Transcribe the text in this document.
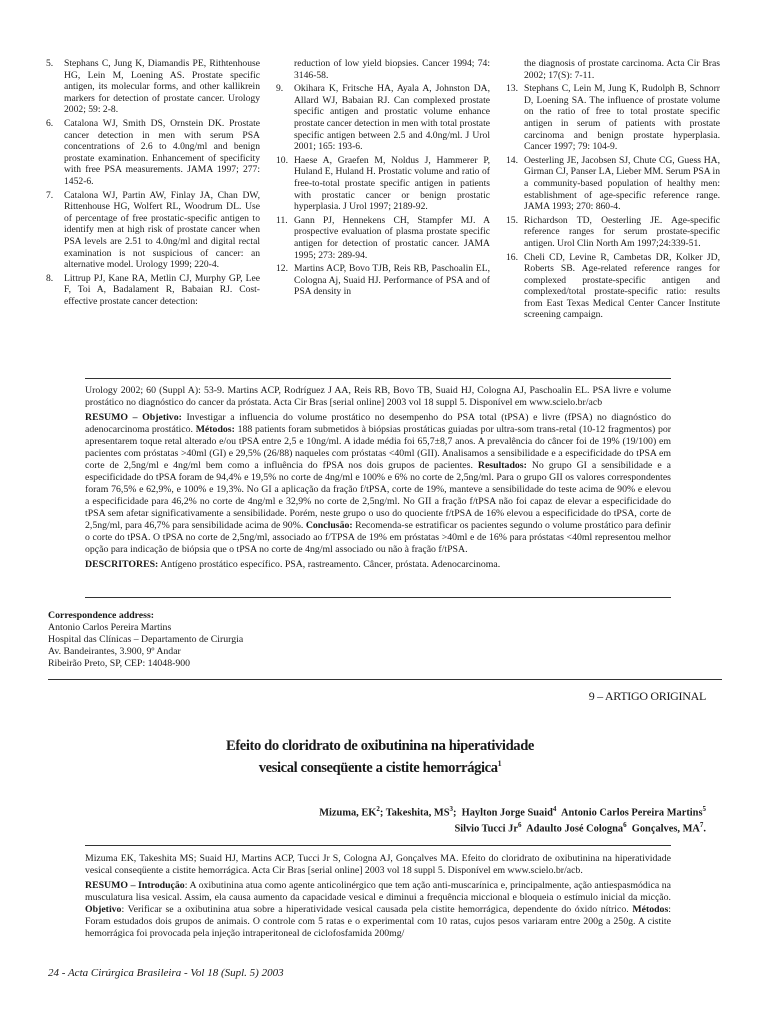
5.	Stephans C, Jung K, Diamandis PE, Rithtenhouse HG, Lein M, Loening AS. Prostate specific antigen, its molecular forms, and other kallikrein markers for detection of prostate cancer. Urology 2002; 59: 2-8.
6.	Catalona WJ, Smith DS, Ornstein DK. Prostate cancer detection in men with serum PSA concentrations of 2.6 to 4.0ng/ml and benign prostate examination. Enhancement of specificity with free PSA measurements. JAMA 1997; 277: 1452-6.
7.	Catalona WJ, Partin AW, Finlay JA, Chan DW, Rittenhouse HG, Wolfert RL, Woodrum DL. Use of percentage of free prostatic-specific antigen to identify men at high risk of prostate cancer when PSA levels are 2.51 to 4.0ng/ml and digital rectal examination is not suspicious of cancer: an alternative model. Urology 1999; 220-4.
8.	Littrup PJ, Kane RA, Metlin CJ, Murphy GP, Lee F, Toi A, Badalament R, Babaian RJ. Cost-effective prostate cancer detection:
reduction of low yield biopsies. Cancer 1994; 74: 3146-58.
9.	Okihara K, Fritsche HA, Ayala A, Johnston DA, Allard WJ, Babaian RJ. Can complexed prostate specific antigen and prostatic volume enhance prostate cancer detection in men with total prostate specific antigen between 2.5 and 4.0ng/ml. J Urol 2001; 165: 193-6.
10. Haese A, Graefen M, Noldus J, Hammerer P, Huland E, Huland H. Prostatic volume and ratio of free-to-total prostate specific antigen in patients with prostatic cancer or benign prostatic hyperplasia. J Urol 1997; 2189-92.
11. Gann PJ, Hennekens CH, Stampfer MJ. A prospective evaluation of plasma prostate specific antigen for detection of prostatic cancer. JAMA 1995; 273: 289-94.
12. Martins ACP, Bovo TJB, Reis RB, Paschoalin EL, Cologna Aj, Suaid HJ. Performance of PSA and of PSA density in
the diagnosis of prostate carcinoma. Acta Cir Bras 2002; 17(S): 7-11.
13. Stephans C, Lein M, Jung K, Rudolph B, Schnorr D, Loening SA. The influence of prostate volume on the ratio of free to total prostate specific antigen in serum of patients with prostate carcinoma and benign prostate hyperplasia. Cancer 1997; 79: 104-9.
14. Oesterling JE, Jacobsen SJ, Chute CG, Guess HA, Girman CJ, Panser LA, Lieber MM. Serum PSA in a community-based population of healthy men: establishment of age-specific reference range. JAMA 1993; 270: 860-4.
15. Richardson TD, Oesterling JE. Age-specific reference ranges for serum prostate-specific antigen. Urol Clin North Am 1997;24:339-51.
16. Cheli CD, Levine R, Cambetas DR, Kolker JD, Roberts SB. Age-related reference ranges for complexed prostate-specific antigen and complexed/total prostate-specific ratio: results from East Texas Medical Center Cancer Institute screening campaign.

Urology 2002; 60 (Suppl A): 53-9. Martins ACP, Rodríguez J AA, Reis RB, Bovo TB, Suaid HJ, Cologna AJ, Paschoalin EL. PSA livre e volume prostático no diagnóstico do cancer da próstata. Acta Cir Bras [serial online] 2003 vol 18 suppl 5. Disponível em www.scielo.br/acb

RESUMO – Objetivo: Investigar a influencia do volume prostático no desempenho do PSA total (tPSA) e livre (fPSA) no diagnóstico do adenocarcinoma prostático. Métodos: 188 patients foram submetidos à biópsias prostáticas guiadas por ultra-som trans-retal (10-12 fragmentos) por apresentarem toque retal alterado e/ou tPSA entre 2,5 e 10ng/ml. A idade média foi 65,7±8,7 anos. A prevalência do câncer foi de 19% (19/100) em pacientes com próstatas >40ml (GI) e 29,5% (26/88) naqueles com próstatas <40ml (GII). Analisamos a sensibilidade e a especificidade do tPSA em corte de 2,5ng/ml e 4ng/ml bem como a influência do fPSA nos dois grupos de pacientes. Resultados: No grupo GI a sensibilidade e a especificidade do tPSA foram de 94,4% e 19,5% no corte de 4ng/ml e 100% e 6% no corte de 2,5ng/ml. Para o grupo GII os valores correspondentes foram 76,5% e 62,9%, e 100% e 19,3%. No GI a aplicação da fração f/tPSA, corte de 19%, manteve a sensibilidade do teste acima de 90% e elevou a especificidade para 46,2% no corte de 4ng/ml e 32,9% no corte de 2,5ng/ml. No GII a fração f/tPSA não foi capaz de elevar a especificidade do tPSA sem afetar significativamente a sensibilidade. Porém, neste grupo o uso do quociente f/tPSA de 16% elevou a especificidade do tPSA, corte de 2,5ng/ml, para 46,7% para sensibilidade acima de 90%. Conclusão: Recomenda-se estratificar os pacientes segundo o volume prostático para definir o corte do tPSA. O tPSA no corte de 2,5ng/ml, associado ao f/TPSA de 19% em próstatas >40ml e de 16% para próstatas <40ml representou melhor opção para indicação de biópsia que o tPSA no corte de 4ng/ml associado ou não à fração f/tPSA.

DESCRITORES: Antígeno prostático específico. PSA, rastreamento. Câncer, próstata. Adenocarcinoma.

Correspondence address:
Antonio Carlos Pereira Martins
Hospital das Clínicas – Departamento de Cirurgia
Av. Bandeirantes, 3.900, 9º Andar
Ribeirão Preto, SP, CEP: 14048-900
9 – ARTIGO ORIGINAL
Efeito do cloridrato de oxibutinina na hiperatividade
vesical conseqüente a cistite hemorrágica$^1$
Mizuma, $EK^2$; Takeshita, $MS^3$;  Haylton Jorge Suaid$^4$ Antonio Carlos Pereira Martins$^5$
Silvio Tucci Jr$^6$ Adaulto José Cologna$^6$ Gonçalves, $MA^7$.

Mizuma EK, Takeshita MS; Suaid HJ, Martins ACP, Tucci Jr S, Cologna AJ, Gonçalves MA. Efeito do cloridrato de oxibutinina na hiperatividade vesical conseqüente a cistite hemorrágica. Acta Cir Bras [serial online] 2003 vol 18 suppl 5. Disponível em www.scielo.br/acb.

RESUMO – Introdução: A oxibutinina atua como agente anticolinérgico que tem ação anti-muscarínica e, principalmente, ação antiespasmódica na musculatura lisa vesical. Assim, ela causa aumento da capacidade vesical e diminui a frequência miccional e bloqueia o estímulo inicial da micção. Objetivo: Verificar se a oxibutinina atua sobre a hiperatividade vesical causada pela cistite hemorrágica, dependente do óxido nítrico. Métodos: Foram estudados dois grupos de animais. O controle com 5 ratas e o experimental com 10 ratas, cujos pesos variaram entre 200g a 250g. A cistite hemorrágica foi provocada pela injeção intraperitoneal de ciclofosfamida 200mg/

24 - Acta Cirúrgica Brasileira - Vol 18 (Supl. 5) 2003
